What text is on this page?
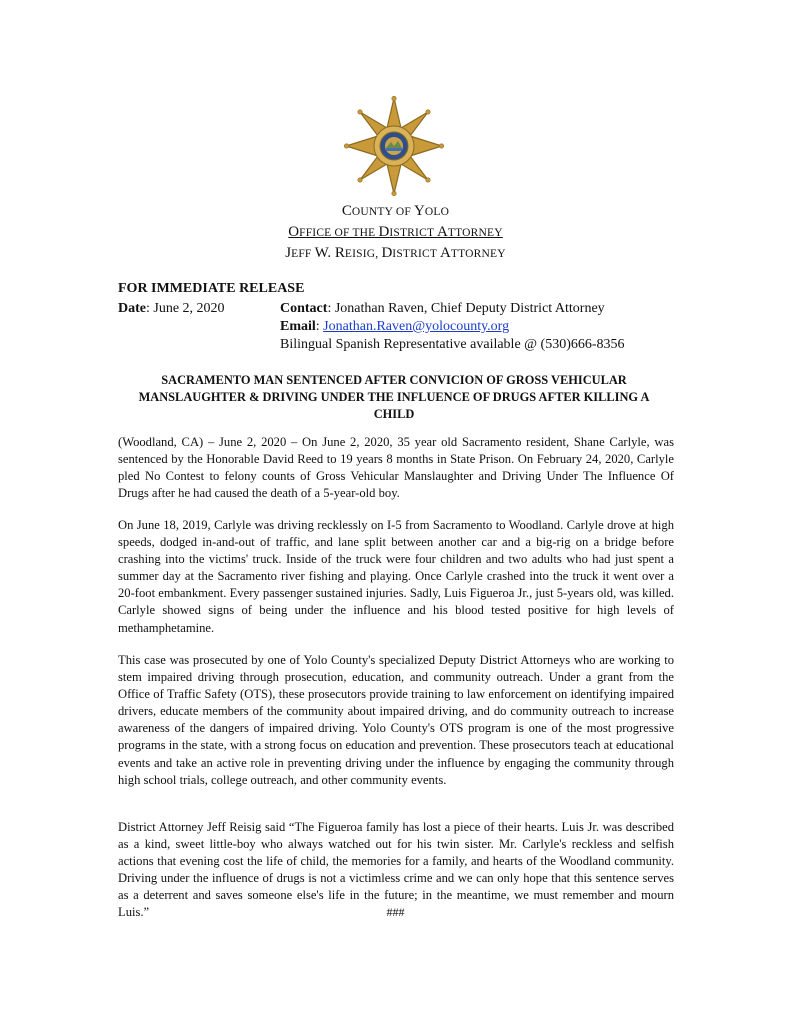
COUNTY OF YOLO
OFFICE OF THE DISTRICT ATTORNEY
JEFF W. REISIG, DISTRICT ATTORNEY
FOR IMMEDIATE RELEASE
Date: June 2, 2020	Contact: Jonathan Raven, Chief Deputy District Attorney
Email: Jonathan.Raven@yolocounty.org
Bilingual Spanish Representative available @ (530)666-8356
SACRAMENTO MAN SENTENCED AFTER CONVICION OF GROSS VEHICULAR MANSLAUGHTER & DRIVING UNDER THE INFLUENCE OF DRUGS AFTER KILLING A CHILD
(Woodland, CA) – June 2, 2020 – On June 2, 2020, 35 year old Sacramento resident, Shane Carlyle, was sentenced by the Honorable David Reed to 19 years 8 months in State Prison. On February 24, 2020, Carlyle pled No Contest to felony counts of Gross Vehicular Manslaughter and Driving Under The Influence Of Drugs after he had caused the death of a 5-year-old boy.
On June 18, 2019, Carlyle was driving recklessly on I-5 from Sacramento to Woodland. Carlyle drove at high speeds, dodged in-and-out of traffic, and lane split between another car and a big-rig on a bridge before crashing into the victims' truck. Inside of the truck were four children and two adults who had just spent a summer day at the Sacramento river fishing and playing. Once Carlyle crashed into the truck it went over a 20-foot embankment. Every passenger sustained injuries. Sadly, Luis Figueroa Jr., just 5-years old, was killed. Carlyle showed signs of being under the influence and his blood tested positive for high levels of methamphetamine.
This case was prosecuted by one of Yolo County's specialized Deputy District Attorneys who are working to stem impaired driving through prosecution, education, and community outreach. Under a grant from the Office of Traffic Safety (OTS), these prosecutors provide training to law enforcement on identifying impaired drivers, educate members of the community about impaired driving, and do community outreach to increase awareness of the dangers of impaired driving. Yolo County's OTS program is one of the most progressive programs in the state, with a strong focus on education and prevention. These prosecutors teach at educational events and take an active role in preventing driving under the influence by engaging the community through high school trials, college outreach, and other community events.
District Attorney Jeff Reisig said “The Figueroa family has lost a piece of their hearts. Luis Jr. was described as a kind, sweet little-boy who always watched out for his twin sister. Mr. Carlyle's reckless and selfish actions that evening cost the life of child, the memories for a family, and hearts of the Woodland community. Driving under the influence of drugs is not a victimless crime and we can only hope that this sentence serves as a deterrent and saves someone else's life in the future; in the meantime, we must remember and mourn Luis.”	###
